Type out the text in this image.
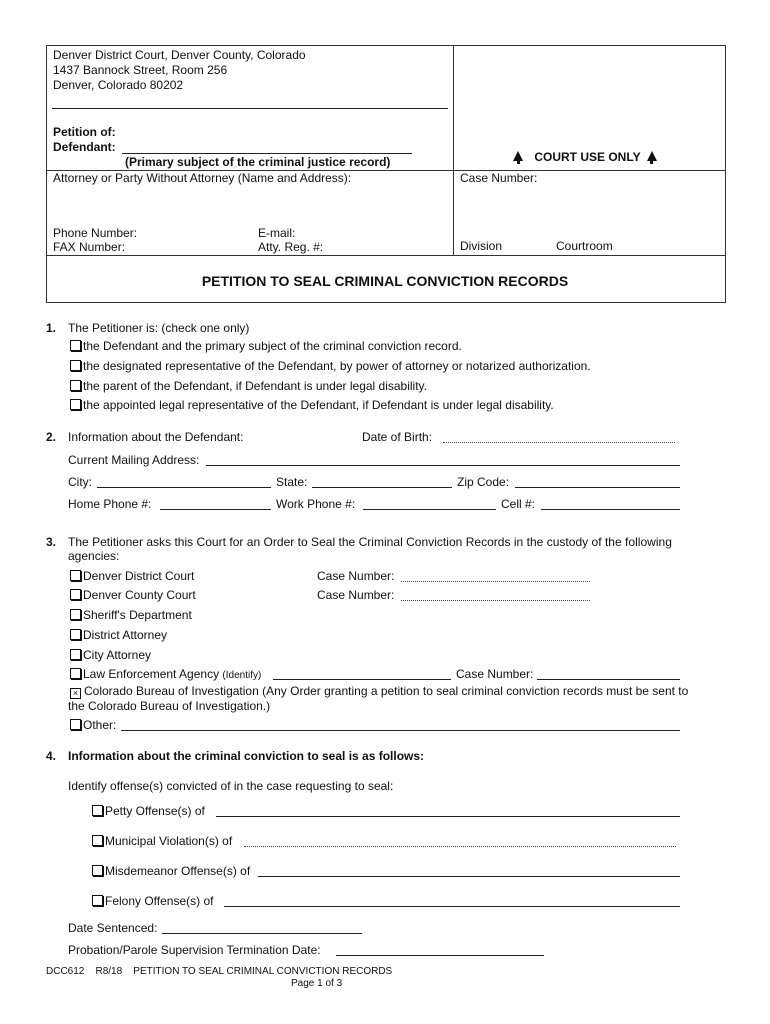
Denver District Court, Denver County, Colorado
1437 Bannock Street, Room 256
Denver, Colorado 80202
Petition of:
Defendant:
(Primary subject of the criminal justice record)
Attorney or Party Without Attorney (Name and Address):
Phone Number:	E-mail:
FAX Number:	Atty. Reg. #:
COURT USE ONLY
Case Number:
Division	Courtroom
PETITION TO SEAL CRIMINAL CONVICTION RECORDS
1. The Petitioner is: (check one only)
the Defendant and the primary subject of the criminal conviction record.
the designated representative of the Defendant, by power of attorney or notarized authorization.
the parent of the Defendant, if Defendant is under legal disability.
the appointed legal representative of the Defendant, if Defendant is under legal disability.
2. Information about the Defendant:	Date of Birth:
Current Mailing Address:
City:	State:	Zip Code:
Home Phone #:	Work Phone #:	Cell #:
3. The Petitioner asks this Court for an Order to Seal the Criminal Conviction Records in the custody of the following
agencies:
Denver District Court	Case Number:
Denver County Court	Case Number:
Sheriff's Department
District Attorney
City Attorney
Law Enforcement Agency (Identify)	Case Number:
× Colorado Bureau of Investigation (Any Order granting a petition to seal criminal conviction records must be sent to
the Colorado Bureau of Investigation.)
Other:
4. Information about the criminal conviction to seal is as follows:
Identify offense(s) convicted of in the case requesting to seal:
Petty Offense(s) of
Municipal Violation(s) of
Misdemeanor Offense(s) of
Felony Offense(s) of
Date Sentenced:
Probation/Parole Supervision Termination Date:
DCC612 R8/18 PETITION TO SEAL CRIMINAL CONVICTION RECORDS
Page 1 of 3
